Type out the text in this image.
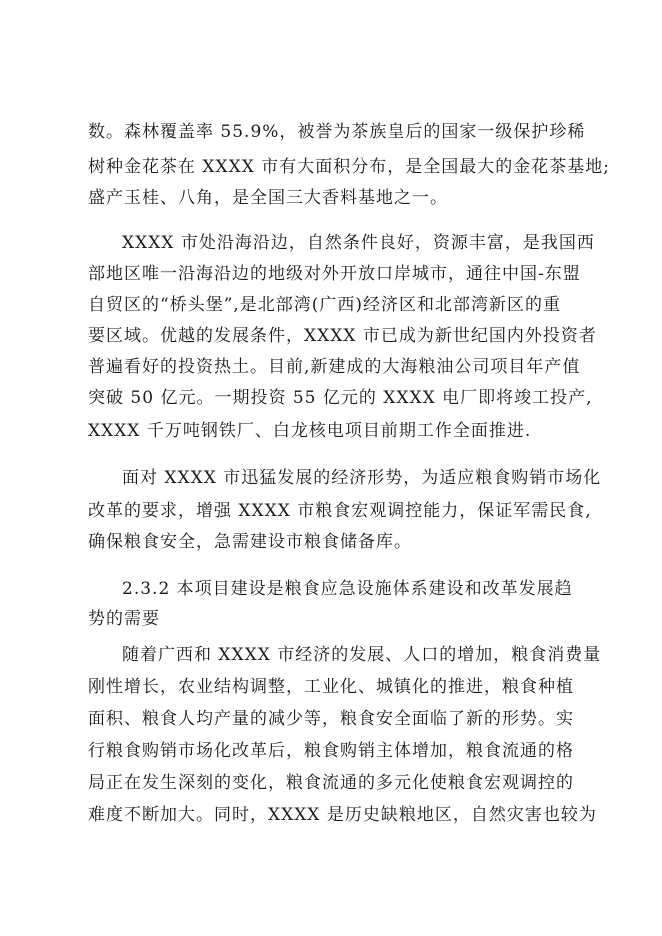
数。森林覆盖率 55.9%，被誉为茶族皇后的国家一级保护珍稀
树种金花茶在 XXXX 市有大面积分布，是全国最大的金花茶基地;
盛产玉桂、八角，是全国三大香料基地之一。
XXXX 市处沿海沿边，自然条件良好，资源丰富，是我国西
部地区唯一沿海沿边的地级对外开放口岸城市，通往中国-东盟
自贸区的“桥头堡”,是北部湾(广西)经济区和北部湾新区的重
要区域。优越的发展条件，XXXX 市已成为新世纪国内外投资者
普遍看好的投资热土。目前,新建成的大海粮油公司项目年产值
突破 50 亿元。一期投资 55 亿元的 XXXX 电厂即将竣工投产,
XXXX 千万吨钢铁厂、白龙核电项目前期工作全面推进.
面对 XXXX 市迅猛发展的经济形势，为适应粮食购销市场化
改革的要求，增强 XXXX 市粮食宏观调控能力，保证军需民食,
确保粮食安全，急需建设市粮食储备库。
2.3.2 本项目建设是粮食应急设施体系建设和改革发展趋
势的需要
随着广西和 XXXX 市经济的发展、人口的增加，粮食消费量
刚性增长，农业结构调整，工业化、城镇化的推进，粮食种植
面积、粮食人均产量的减少等，粮食安全面临了新的形势。实
行粮食购销市场化改革后，粮食购销主体增加，粮食流通的格
局正在发生深刻的变化，粮食流通的多元化使粮食宏观调控的
难度不断加大。同时，XXXX 是历史缺粮地区，自然灾害也较为
